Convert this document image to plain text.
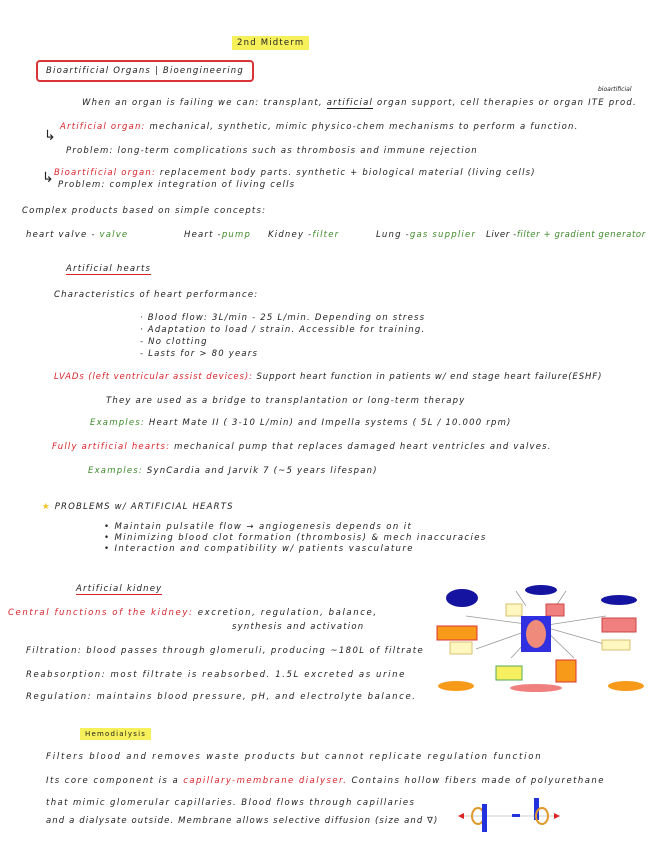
2nd Midterm
Bioartificial Organs | Bioengineering
When an organ is failing we can: transplant, artificial organ support, cell therapies or organ ITE prod.
bioartificial
Artificial organ: mechanical, synthetic, mimic physico-chem mechanisms to perform a function.
↳
Problem: long-term complications such as thrombosis and immune rejection
Bioartificial organ: replacement body parts. synthetic + biological material (living cells)
↳ Problem: complex integration of living cells
Complex products based on simple concepts:
heart valve - valve	Heart -pump Kidney -filter	Lung -gas supplier Liver -filter + gradient generator
Artificial hearts
Characteristics of heart performance:
· Blood flow: 3L/min - 25 L/min. Depending on stress
· Adaptation to load / strain. Accessible for training.
- No clotting
- Lasts for > 80 years
LVADs (left ventricular assist devices): Support heart function in patients w/ end stage heart failure(ESHF)
They are used as a bridge to transplantation or long-term therapy
Examples: Heart Mate II ( 3-10 L/min) and Impella systems ( 5L / 10.000 rpm)
Fully artificial hearts: mechanical pump that replaces damaged heart ventricles and valves.
Examples: SynCardia and Jarvik 7 (~5 years lifespan)
★ PROBLEMS w/ ARTIFICIAL HEARTS
• Maintain pulsatile flow → angiogenesis depends on it
• Minimizing blood clot formation (thrombosis) & mech inaccuracies
• Interaction and compatibility w/ patients vasculature
Artificial kidney
Central functions of the kidney: excretion, regulation, balance,
synthesis and activation
Filtration: blood passes through glomeruli, producing ~180L of filtrate
Reabsorption: most filtrate is reabsorbed. 1.5L excreted as urine
Regulation: maintains blood pressure, pH, and electrolyte balance.
Hemodialysis
Filters blood and removes waste products but cannot replicate regulation function
Its core component is a capillary-membrane dialyser. Contains hollow fibers made of polyurethane
that mimic glomerular capillaries. Blood flows through capillaries
and a dialysate outside. Membrane allows selective diffusion (size and ∇)
